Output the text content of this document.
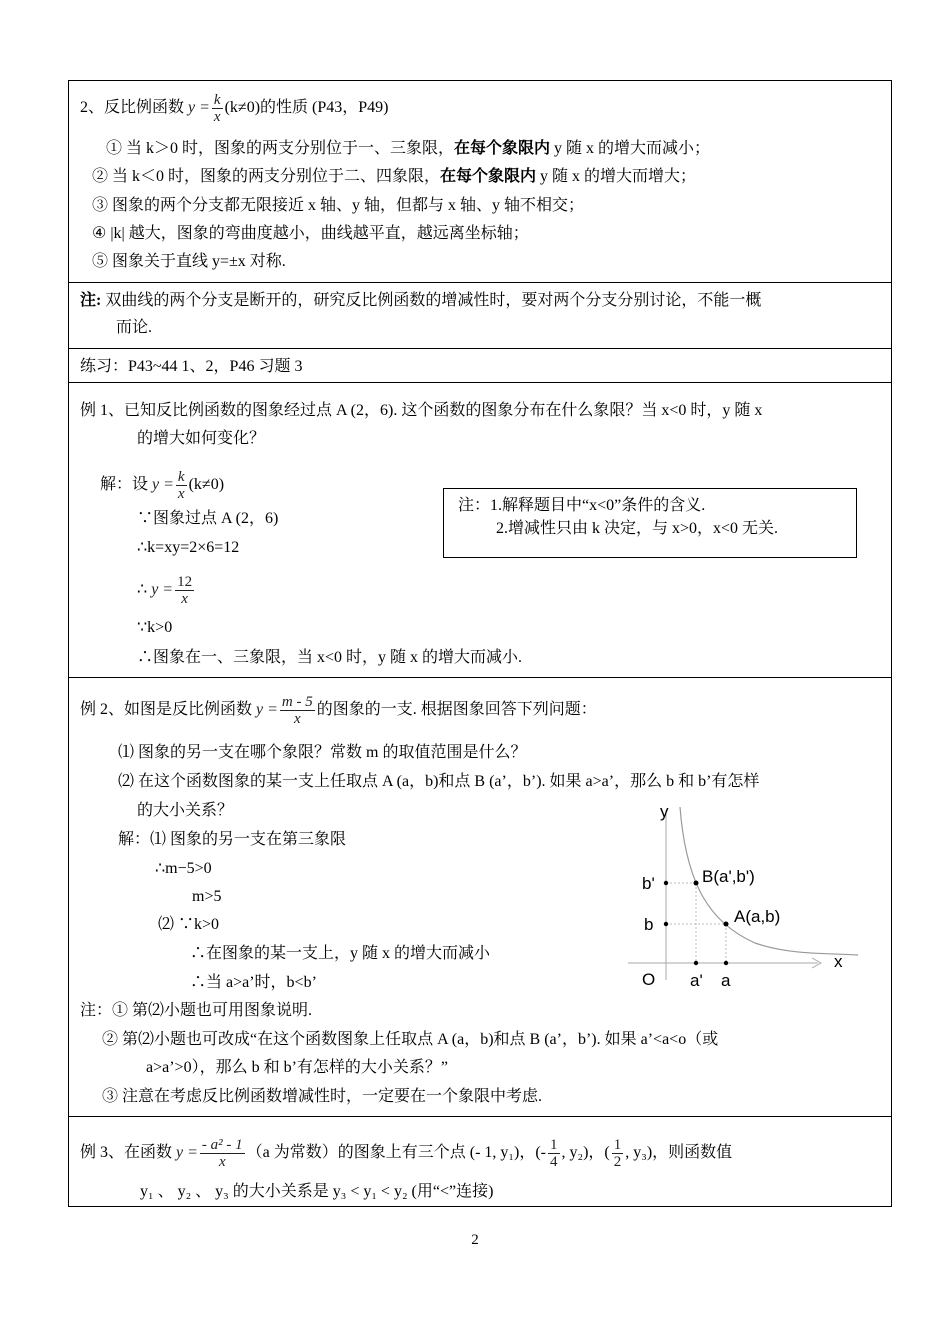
2、反比例函数 $y = \frac{k}{x} (k\ne 0)$的性质 (P43，P49)
① 当 k＞0 时，图象的两支分别位于一、三象限，在每个象限内 y 随 x 的增大而减小；
② 当 k＜0 时，图象的两支分别位于二、四象限，在每个象限内 y 随 x 的增大而增大；
③ 图象的两个分支都无限接近 x 轴、y 轴，但都与 x 轴、y 轴不相交；
④ |k| 越大，图象的弯曲度越小，曲线越平直，越远离坐标轴；
⑤ 图象关于直线 y=±x 对称.
注: 双曲线的两个分支是断开的，研究反比例函数的增减性时，要对两个分支分别讨论，不能一概
而论.
练习：P43~44 1、2，P46 习题 3
例 1、已知反比例函数的图象经过点 A (2，6). 这个函数的图象分布在什么象限？当 x<0 时，y 随 x
的增大如何变化？
解：设 $y = \frac{k}{x} (k\ne 0)$
∵图象过点 A (2，6)
∴k=xy=2×6=12
∴ $y = \frac{12}{x}$
∵k>0
∴图象在一、三象限，当 x<0 时，y 随 x 的增大而减小.
注：1.解释题目中“x<0”条件的含义.
2.增减性只由 k 决定，与 x>0，x<0 无关.
例 2、如图是反比例函数 $y = \frac{m - 5}{x}$ 的图象的一支. 根据图象回答下列问题：
⑴ 图象的另一支在哪个象限？常数 m 的取值范围是什么？
⑵ 在这个函数图象的某一支上任取点 A (a，b)和点 B (a’，b’). 如果 a>a’，那么 b 和 b’有怎样
的大小关系？
解：⑴ 图象的另一支在第三象限
∴m−5>0
m>5
⑵ ∵k>0
∴在图象的某一支上，y 随 x 的增大而减小
∴当 a>a’时，b<b’
y
x
O
b'
b
a' a
B(a',b')
A(a,b)
注：① 第⑵小题也可用图象说明.
② 第⑵小题也可改成“在这个函数图象上任取点 A (a，b)和点 B (a’，b’). 如果 a’<a<o（或
a>a’>0），那么 b 和 b’有怎样的大小关系？”
③ 注意在考虑反比例函数增减性时，一定要在一个象限中考虑.
例 3、在函数 $y = \frac{\text{- a² - 1}}{x} (a$ 为常数）的图象上有三个点 (- 1, y₁)，(- $\frac{1}{4}$ , y₂)，( $\frac{1}{2}$ , y₃)，则函数值
y₁ 、 y₂ 、 y₃ 的大小关系是 y₃ < y₁ < y₂ (用“<”连接)
2
